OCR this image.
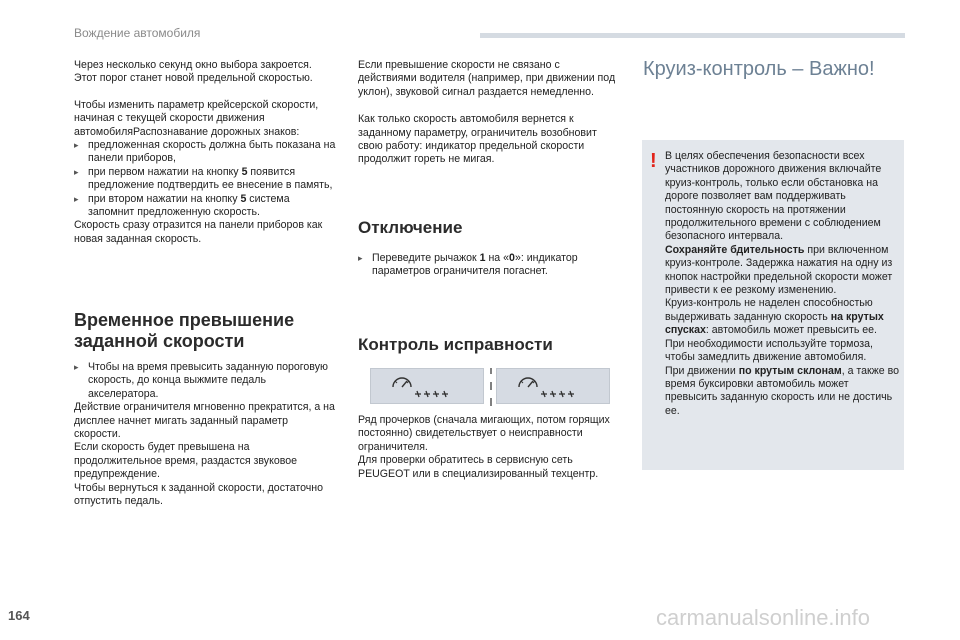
Вождение автомобиля

Через несколько секунд окно выбора закроется. Этот порог станет новой предельной скоростью.

Чтобы изменить параметр крейсерской скорости, начиная с текущей скорости движения автомобиляРаспознавание дорожных знаков:

▸ предложенная скорость должна быть показана на панели приборов,

▸ при первом нажатии на кнопку 5 появится предложение подтвердить ее внесение в память,

▸ при втором нажатии на кнопку 5 система запомнит предложенную скорость.

Скорость сразу отразится на панели приборов как новая заданная скорость.

Временное превышение заданной скорости

▸ Чтобы на время превысить заданную пороговую скорость, до конца выжмите педаль акселератора.

Действие ограничителя мгновенно прекратится, а на дисплее начнет мигать заданный параметр скорости.

Если скорость будет превышена на продолжительное время, раздастся звуковое предупреждение.

Чтобы вернуться к заданной скорости, достаточно отпустить педаль.

Если превышение скорости не связано с действиями водителя (например, при движении под уклон), звуковой сигнал раздается немедленно.

Как только скорость автомобиля вернется к заданному параметру, ограничитель возобновит свою работу: индикатор предельной скорости продолжит гореть не мигая.

Отключение

▸ Переведите рычажок 1 на «0»: индикатор параметров ограничителя погаснет.

Контроль исправности

Ряд прочерков (сначала мигающих, потом горящих постоянно) свидетельствует о неисправности ограничителя.

Для проверки обратитесь в сервисную сеть PEUGEOT или в специализированный техцентр.

Круиз-контроль – Важно!
! В целях обеспечения безопасности всех участников дорожного движения включайте круиз-контроль, только если обстановка на дороге позволяет вам поддерживать постоянную скорость на протяжении продолжительного времени с соблюдением безопасного интервала.

Сохраняйте бдительность при включенном круиз-контроле. Задержка нажатия на одну из кнопок настройки предельной скорости может привести к ее резкому изменению.

Круиз-контроль не наделен способностью выдерживать заданную скорость на крутых спусках: автомобиль может превысить ее. При необходимости используйте тормоза, чтобы замедлить движение автомобиля.

При движении по крутым склонам, а также во время буксировки автомобиль может превысить заданную скорость или не достичь ее.

164	carmanualsonline.info
